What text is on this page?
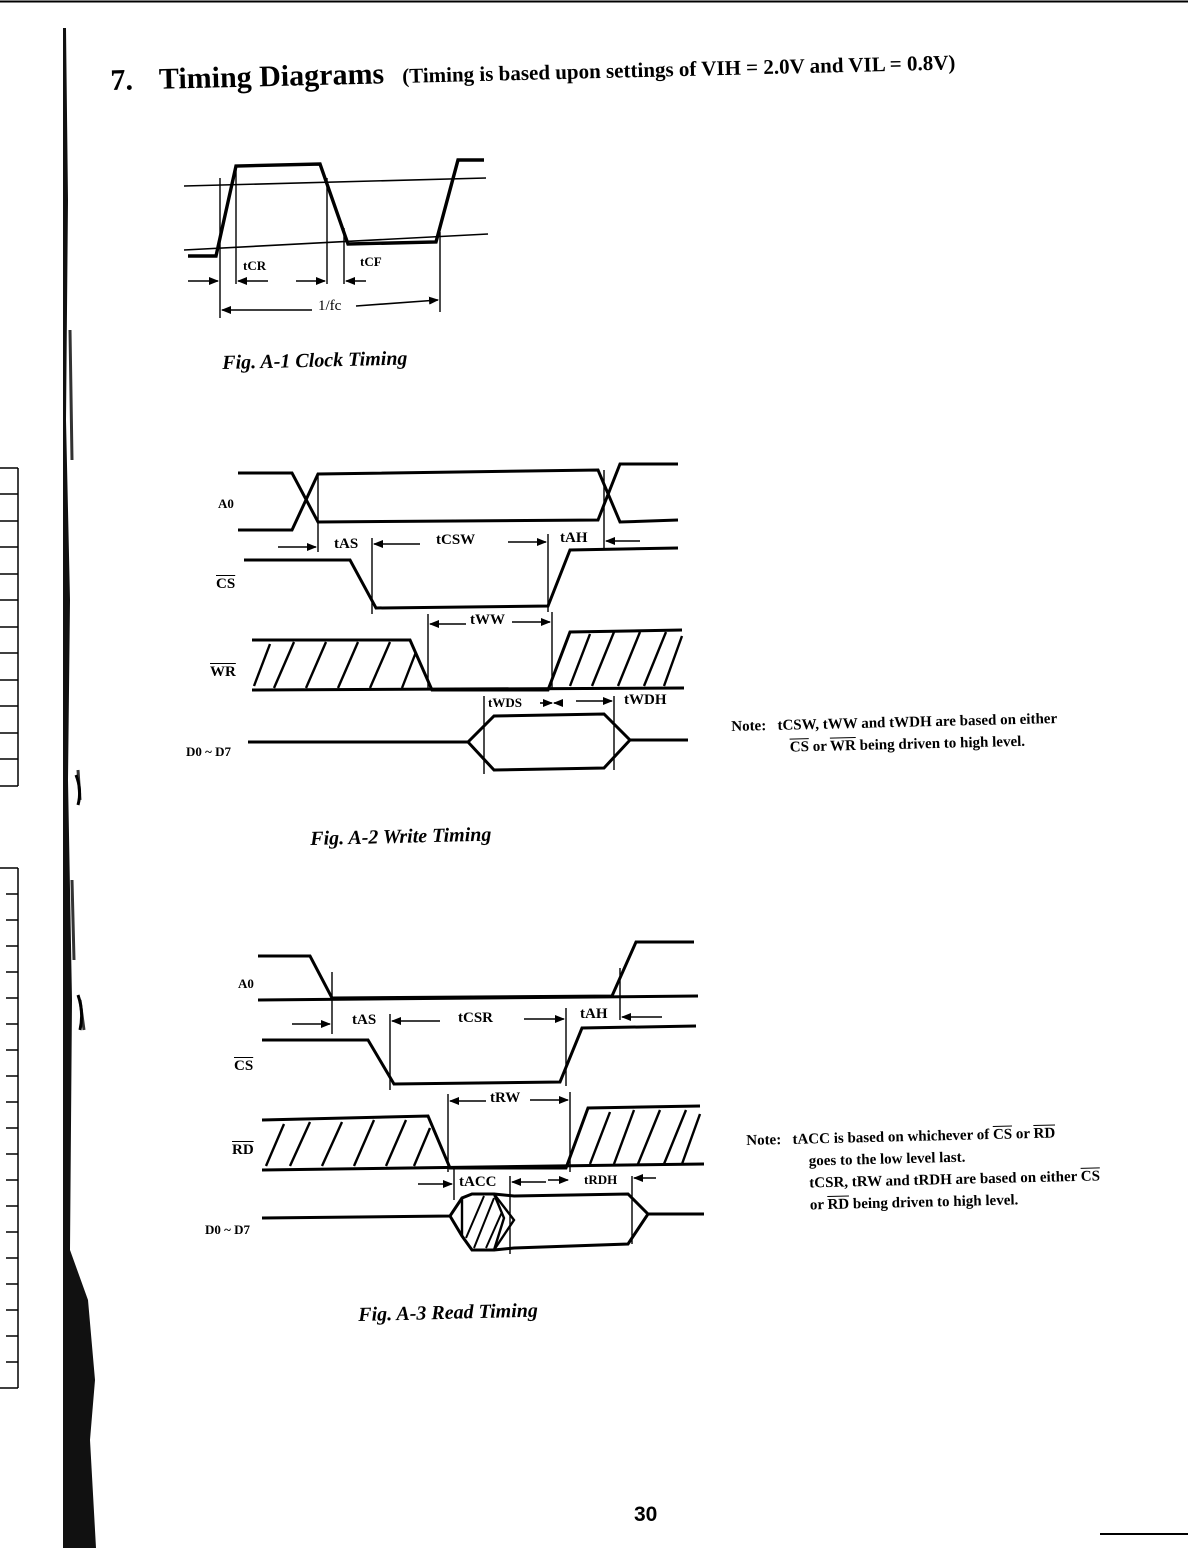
7. Timing Diagrams (Timing is based upon settings of VIH = 2.0V and VIL = 0.8V)
tCR	tCF
1/fc
Fig. A-1 Clock Timing
A0
$\overline{CS}$
$\overline{WR}$
D0 ~ D7
tAS	tCSW	tAH
tWW
tWDS	tWDH
Note: tCSW, tWW and tWDH are based on either
$\overline{CS}$ or $\overline{WR}$ being driven to high level.
Fig. A-2 Write Timing
A0
$\overline{CS}$
$\overline{RD}$
D0 ~ D7
tAS	tCSR	tAH
tRW
tACC	tRDH
Note: tACC is based on whichever of $\overline{CS}$ or $\overline{RD}$
goes to the low level last.
tCSR, tRW and tRDH are based on either $\overline{CS}$
or $\overline{RD}$ being driven to high level.
Fig. A-3 Read Timing
30
